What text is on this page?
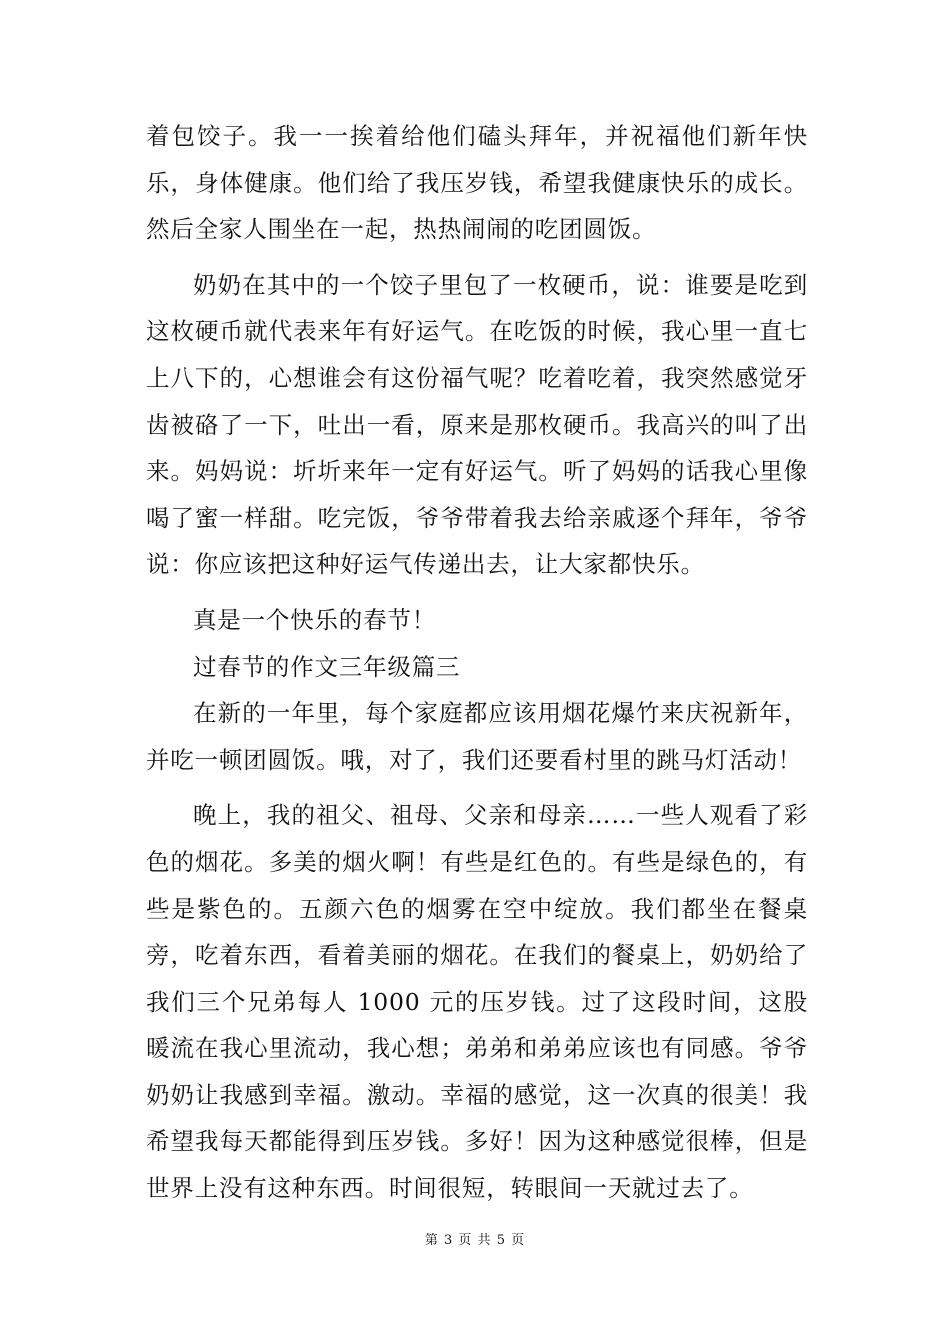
着包饺子。我一一挨着给他们磕头拜年，并祝福他们新年快乐，身体健康。他们给了我压岁钱，希望我健康快乐的成长。然后全家人围坐在一起，热热闹闹的吃团圆饭。

奶奶在其中的一个饺子里包了一枚硬币，说：谁要是吃到这枚硬币就代表来年有好运气。在吃饭的时候，我心里一直七上八下的，心想谁会有这份福气呢？吃着吃着，我突然感觉牙齿被硌了一下，吐出一看，原来是那枚硬币。我高兴的叫了出来。妈妈说：圻圻来年一定有好运气。听了妈妈的话我心里像喝了蜜一样甜。吃完饭，爷爷带着我去给亲戚逐个拜年，爷爷说：你应该把这种好运气传递出去，让大家都快乐。

真是一个快乐的春节！

过春节的作文三年级篇三

在新的一年里，每个家庭都应该用烟花爆竹来庆祝新年，并吃一顿团圆饭。哦，对了，我们还要看村里的跳马灯活动！

晚上，我的祖父、祖母、父亲和母亲……一些人观看了彩色的烟花。多美的烟火啊！有些是红色的。有些是绿色的，有些是紫色的。五颜六色的烟雾在空中绽放。我们都坐在餐桌旁，吃着东西，看着美丽的烟花。在我们的餐桌上，奶奶给了我们三个兄弟每人 1000 元的压岁钱。过了这段时间，这股暖流在我心里流动，我心想；弟弟和弟弟应该也有同感。爷爷奶奶让我感到幸福。激动。幸福的感觉，这一次真的很美！我希望我每天都能得到压岁钱。多好！因为这种感觉很棒，但是世界上没有这种东西。时间很短，转眼间一天就过去了。

第 3 页 共 5 页
